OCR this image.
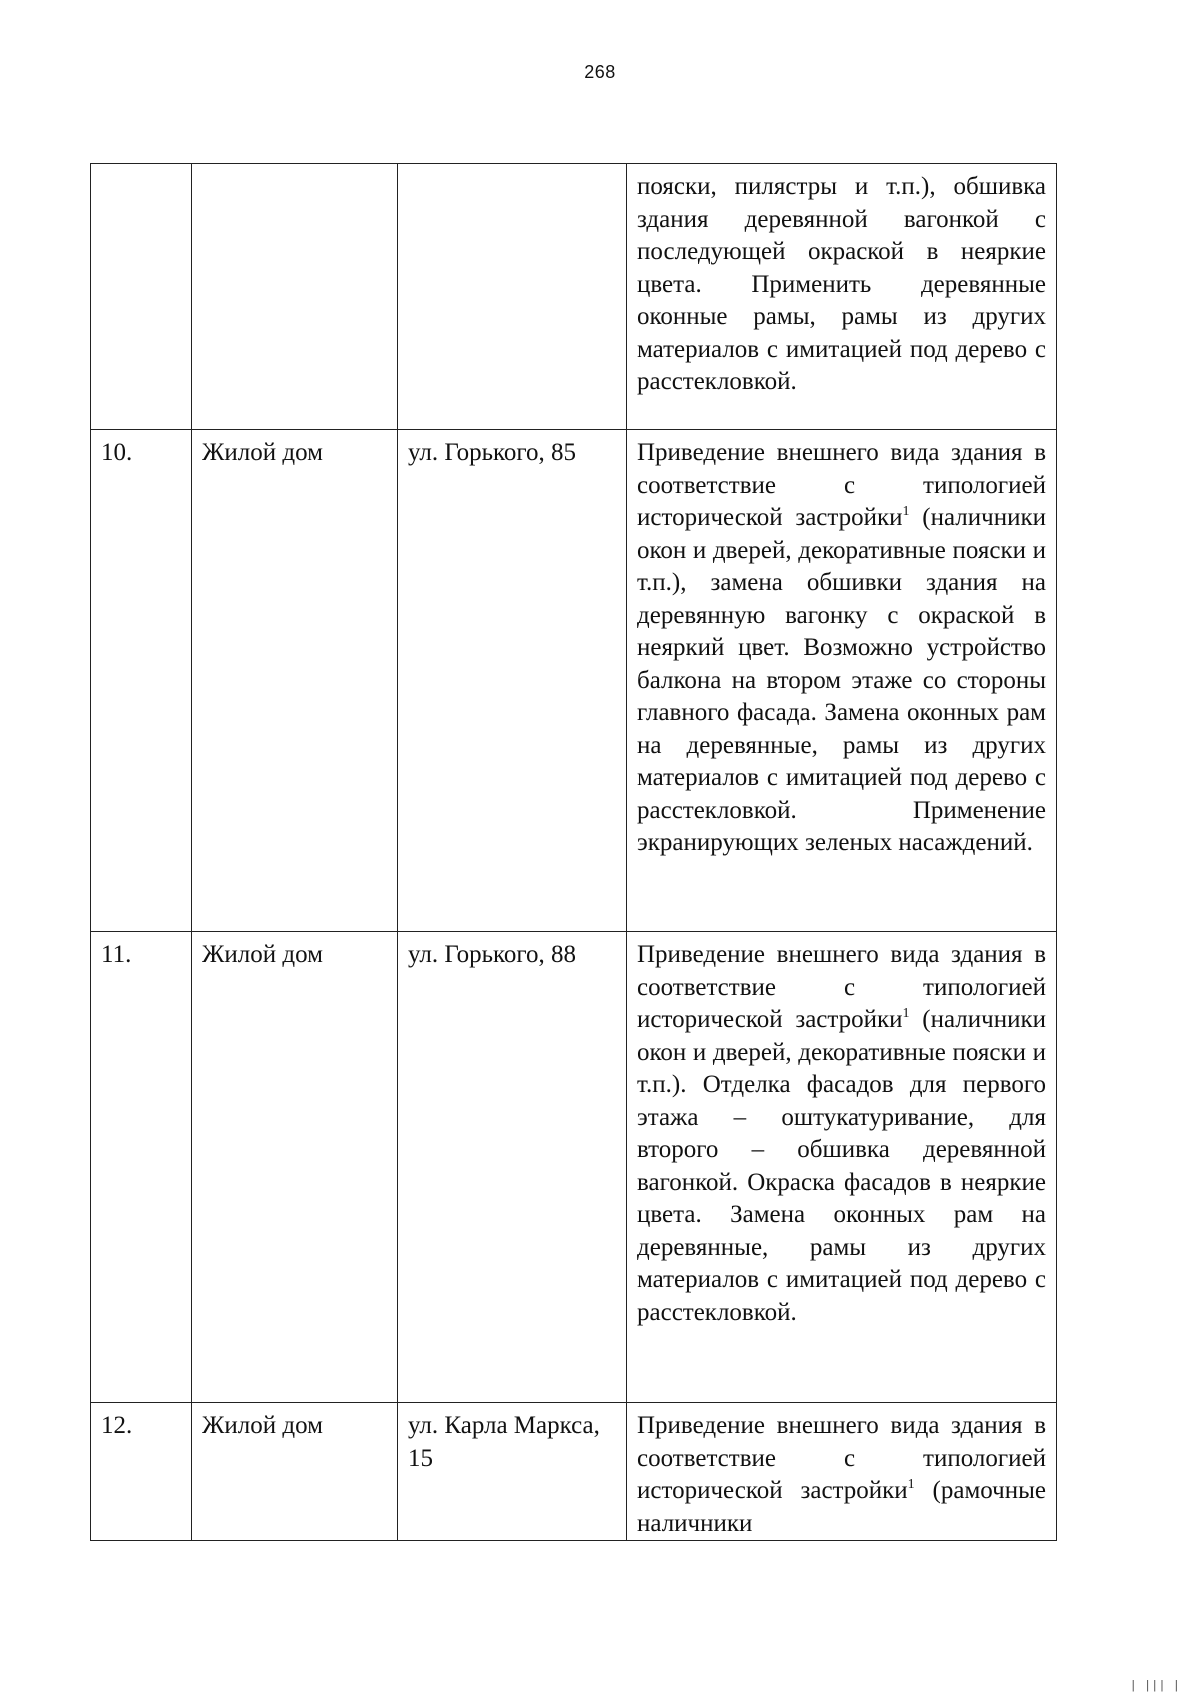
268

			пояски, пилястры и т.п.), обшивка здания деревянной вагонкой с последующей окраской в неяркие цвета. Применить деревянные оконные рамы, рамы из других материалов с имитацией под дерево с расстекловкой.

10.	Жилой дом	ул. Горького, 85	Приведение внешнего вида здания в соответствие с типологией исторической застройки$^1$ (наличники окон и дверей, декоративные пояски и т.п.), замена обшивки здания на деревянную вагонку с окраской в неяркий цвет. Возможно устройство балкона на втором этаже со стороны главного фасада. Замена оконных рам на деревянные, рамы из других материалов с имитацией под дерево с расстекловкой. Применение экранирующих зеленых насаждений.

11.	Жилой дом	ул. Горького, 88	Приведение внешнего вида здания в соответствие с типологией исторической застройки$^1$ (наличники окон и дверей, декоративные пояски и т.п.). Отделка фасадов для первого этажа – оштукатуривание, для второго – обшивка деревянной вагонкой. Окраска фасадов в неяркие цвета. Замена оконных рам на деревянные, рамы из других материалов с имитацией под дерево с расстекловкой.

12.	Жилой дом	ул. Карла Маркса, 15	Приведение внешнего вида здания в соответствие с типологией исторической застройки$^1$ (рамочные наличники
| ||| |
